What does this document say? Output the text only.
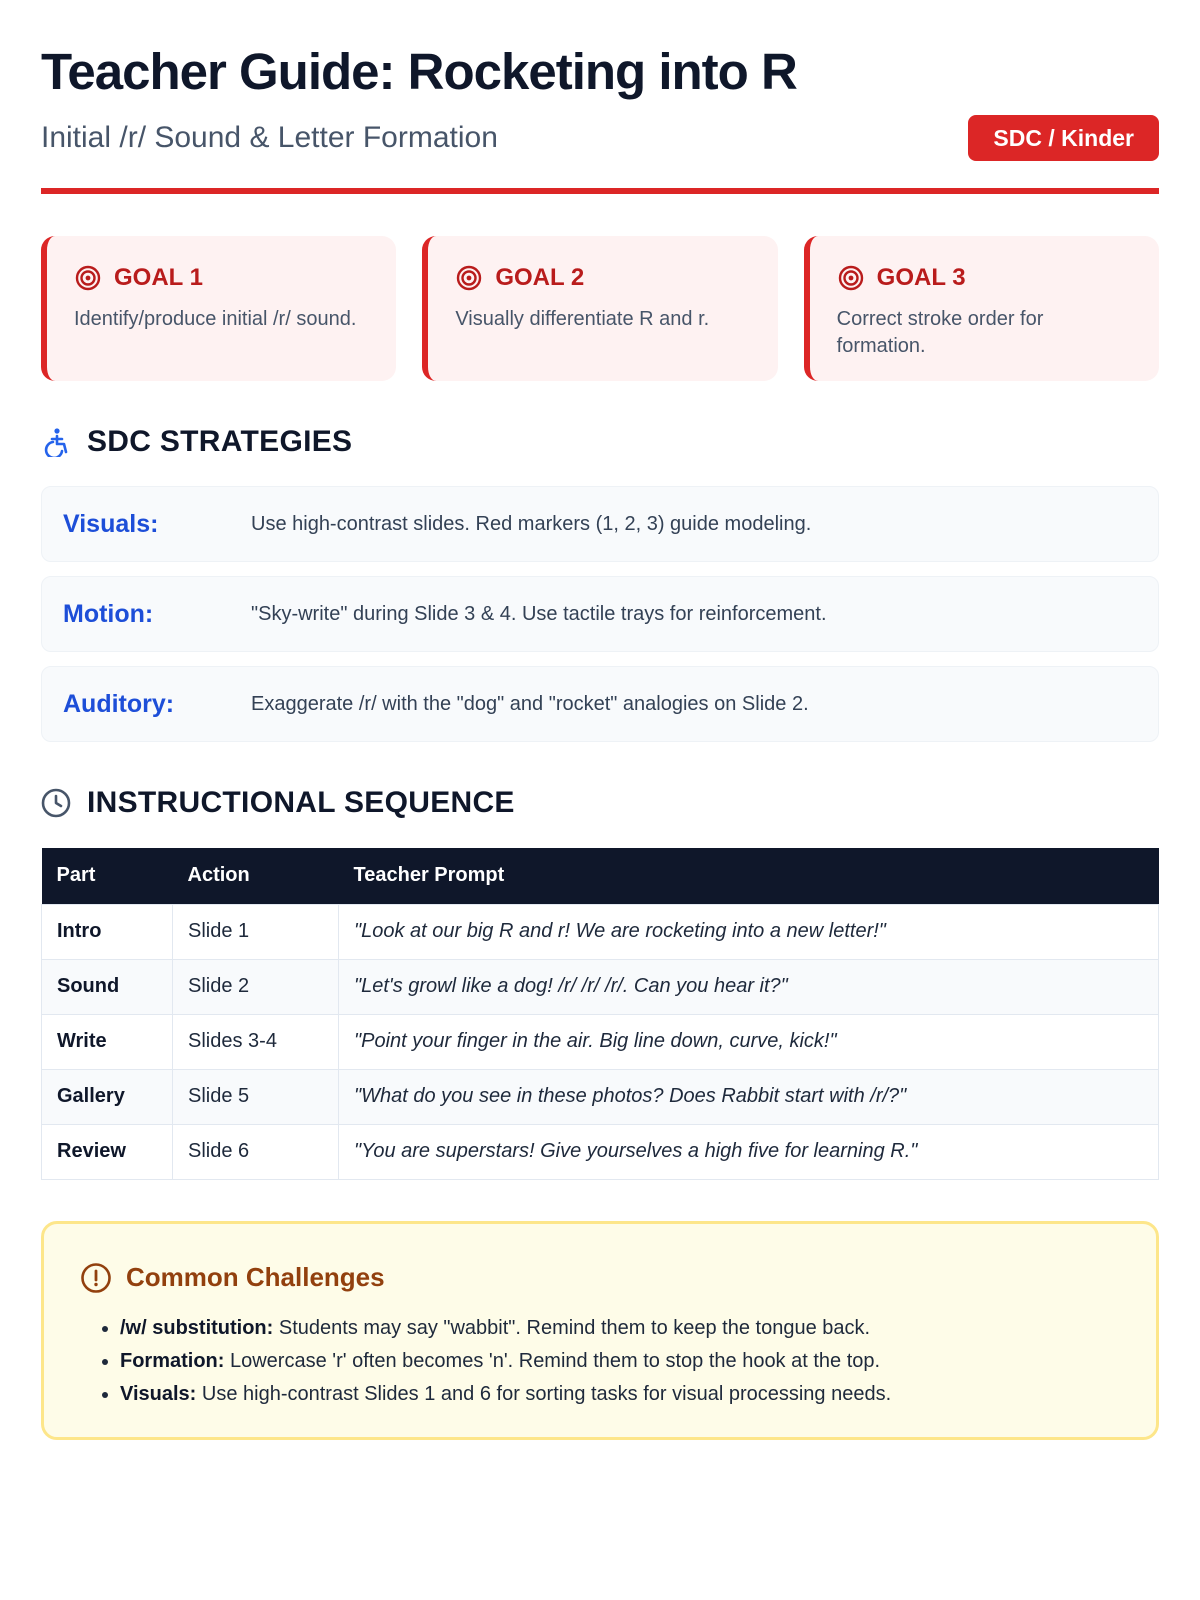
Teacher Guide: Rocketing into R
Initial /r/ Sound & Letter Formation	SDC / Kinder
GOAL 1
Identify/produce initial /r/ sound.
GOAL 2
Visually differentiate R and r.
GOAL 3
Correct stroke order for formation.
SDC STRATEGIES
Visuals:	Use high-contrast slides. Red markers (1, 2, 3) guide modeling.
Motion:	"Sky-write" during Slide 3 & 4. Use tactile trays for reinforcement.
Auditory:	Exaggerate /r/ with the "dog" and "rocket" analogies on Slide 2.
INSTRUCTIONAL SEQUENCE
Part	Action	Teacher Prompt
Intro	Slide 1	"Look at our big R and r! We are rocketing into a new letter!"
Sound	Slide 2	"Let's growl like a dog! /r/ /r/ /r/. Can you hear it?"
Write	Slides 3-4	"Point your finger in the air. Big line down, curve, kick!"
Gallery	Slide 5	"What do you see in these photos? Does Rabbit start with /r/?"
Review	Slide 6	"You are superstars! Give yourselves a high five for learning R."
Common Challenges
• /w/ substitution: Students may say "wabbit". Remind them to keep the tongue back.
• Formation: Lowercase 'r' often becomes 'n'. Remind them to stop the hook at the top.
• Visuals: Use high-contrast Slides 1 and 6 for sorting tasks for visual processing needs.
